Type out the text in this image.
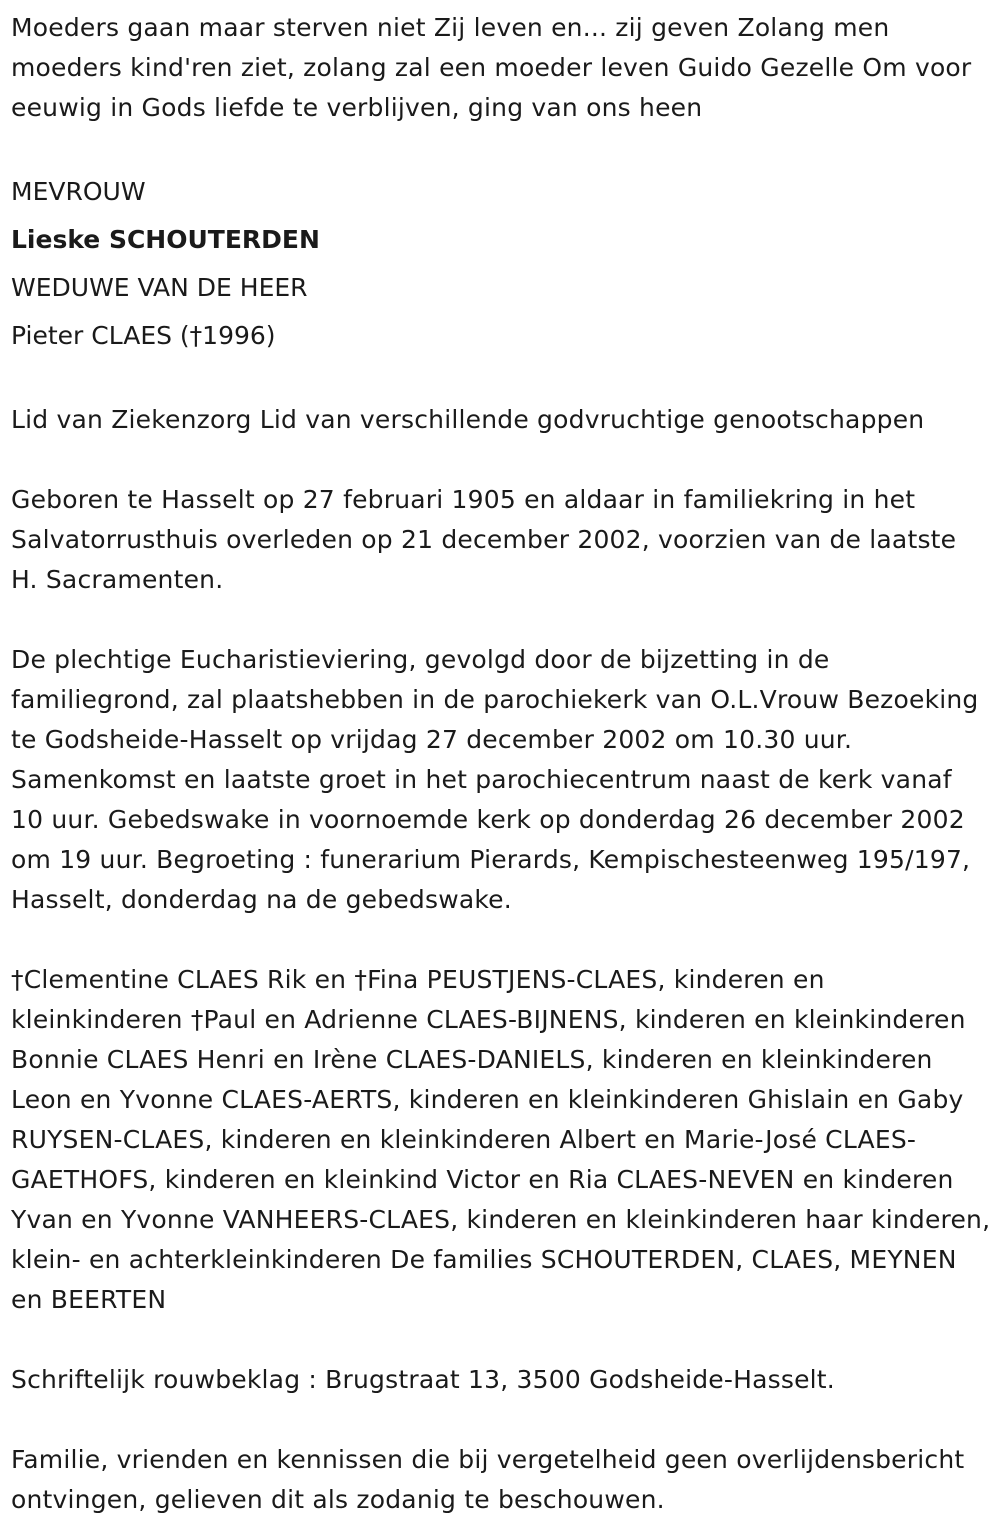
Moeders gaan maar sterven niet Zij leven en... zij geven Zolang men moeders kind'ren ziet, zolang zal een moeder leven Guido Gezelle Om voor eeuwig in Gods liefde te verblijven, ging van ons heen

MEVROUW

Lieske SCHOUTERDEN

WEDUWE VAN DE HEER

Pieter CLAES (†1996)

Lid van Ziekenzorg Lid van verschillende godvruchtige genootschappen

Geboren te Hasselt op 27 februari 1905 en aldaar in familiekring in het Salvatorrusthuis overleden op 21 december 2002, voorzien van de laatste H. Sacramenten.

De plechtige Eucharistieviering, gevolgd door de bijzetting in de familiegrond, zal plaatshebben in de parochiekerk van O.L.Vrouw Bezoeking te Godsheide-Hasselt op vrijdag 27 december 2002 om 10.30 uur. Samenkomst en laatste groet in het parochiecentrum naast de kerk vanaf 10 uur. Gebedswake in voornoemde kerk op donderdag 26 december 2002 om 19 uur. Begroeting : funerarium Pierards, Kempischesteenweg 195/197, Hasselt, donderdag na de gebedswake.

†Clementine CLAES Rik en †Fina PEUSTJENS-CLAES, kinderen en kleinkinderen †Paul en Adrienne CLAES-BIJNENS, kinderen en kleinkinderen Bonnie CLAES Henri en Irène CLAES-DANIELS, kinderen en kleinkinderen Leon en Yvonne CLAES-AERTS, kinderen en kleinkinderen Ghislain en Gaby RUYSEN-CLAES, kinderen en kleinkinderen Albert en Marie-José CLAES-GAETHOFS, kinderen en kleinkind Victor en Ria CLAES-NEVEN en kinderen Yvan en Yvonne VANHEERS-CLAES, kinderen en kleinkinderen haar kinderen, klein- en achterkleinkinderen De families SCHOUTERDEN, CLAES, MEYNEN en BEERTEN

Schriftelijk rouwbeklag : Brugstraat 13, 3500 Godsheide-Hasselt.

Familie, vrienden en kennissen die bij vergetelheid geen overlijdensbericht ontvingen, gelieven dit als zodanig te beschouwen.
